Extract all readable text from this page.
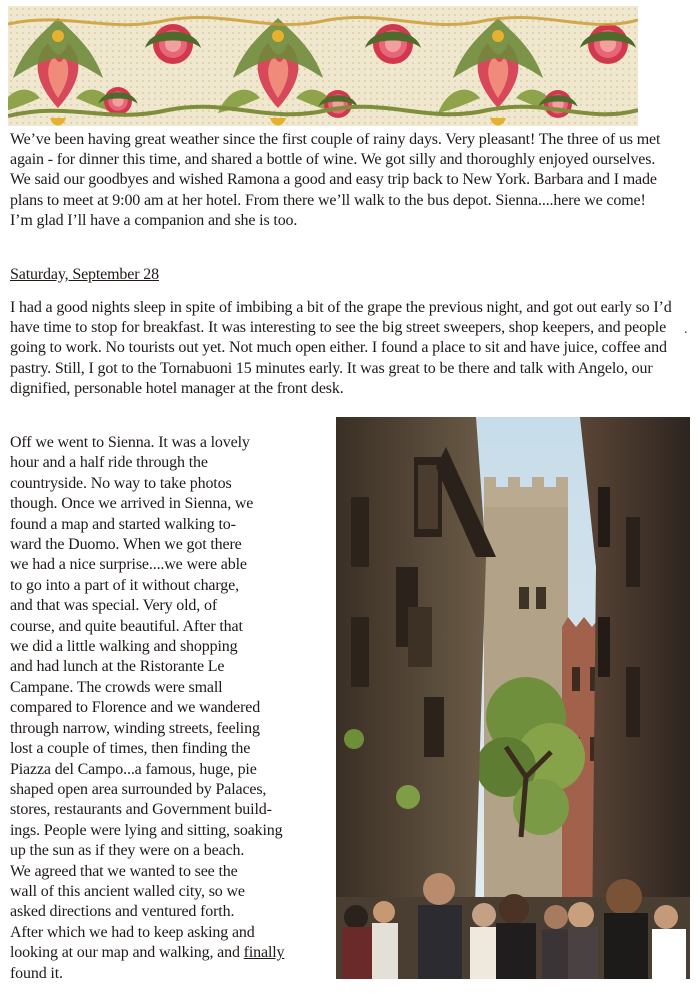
We’ve been having great weather since the first couple of rainy days. Very pleasant! The three of us met again - for dinner this time, and shared a bottle of wine. We got silly and thoroughly enjoyed ourselves. We said our goodbyes and wished Ramona a good and easy trip back to New York. Barbara and I made plans to meet at 9:00 am at her hotel. From there we’ll walk to the bus depot. Sienna....here we come! I’m glad I’ll have a companion and she is too.

Saturday, September 28

I had a good nights sleep in spite of imbibing a bit of the grape the previous night, and got out early so I’d have time to stop for breakfast. It was interesting to see the big street sweepers, shop keepers, and people going to work. No tourists out yet. Not much open either. I found a place to sit and have juice, coffee and pastry. Still, I got to the Tornabuoni 15 minutes early. It was great to be there and talk with Angelo, our dignified, personable hotel manager at the front desk.

.

Off we went to Sienna. It was a lovely
hour and a half ride through the
countryside. No way to take photos
though. Once we arrived in Sienna, we
found a map and started walking to-
ward the Duomo. When we got there
we had a nice surprise....we were able
to go into a part of it without charge,
and that was special. Very old, of
course, and quite beautiful. After that
we did a little walking and shopping
and had lunch at the Ristorante Le
Campane. The crowds were small
compared to Florence and we wandered
through narrow, winding streets, feeling
lost a couple of times, then finding the
Piazza del Campo...a famous, huge, pie
shaped open area surrounded by Palaces,
stores, restaurants and Government build-
ings. People were lying and sitting, soaking
up the sun as if they were on a beach.
We agreed that we wanted to see the
wall of this ancient walled city, so we
asked directions and ventured forth.
After which we had to keep asking and
looking at our map and walking, and finally
found it.
